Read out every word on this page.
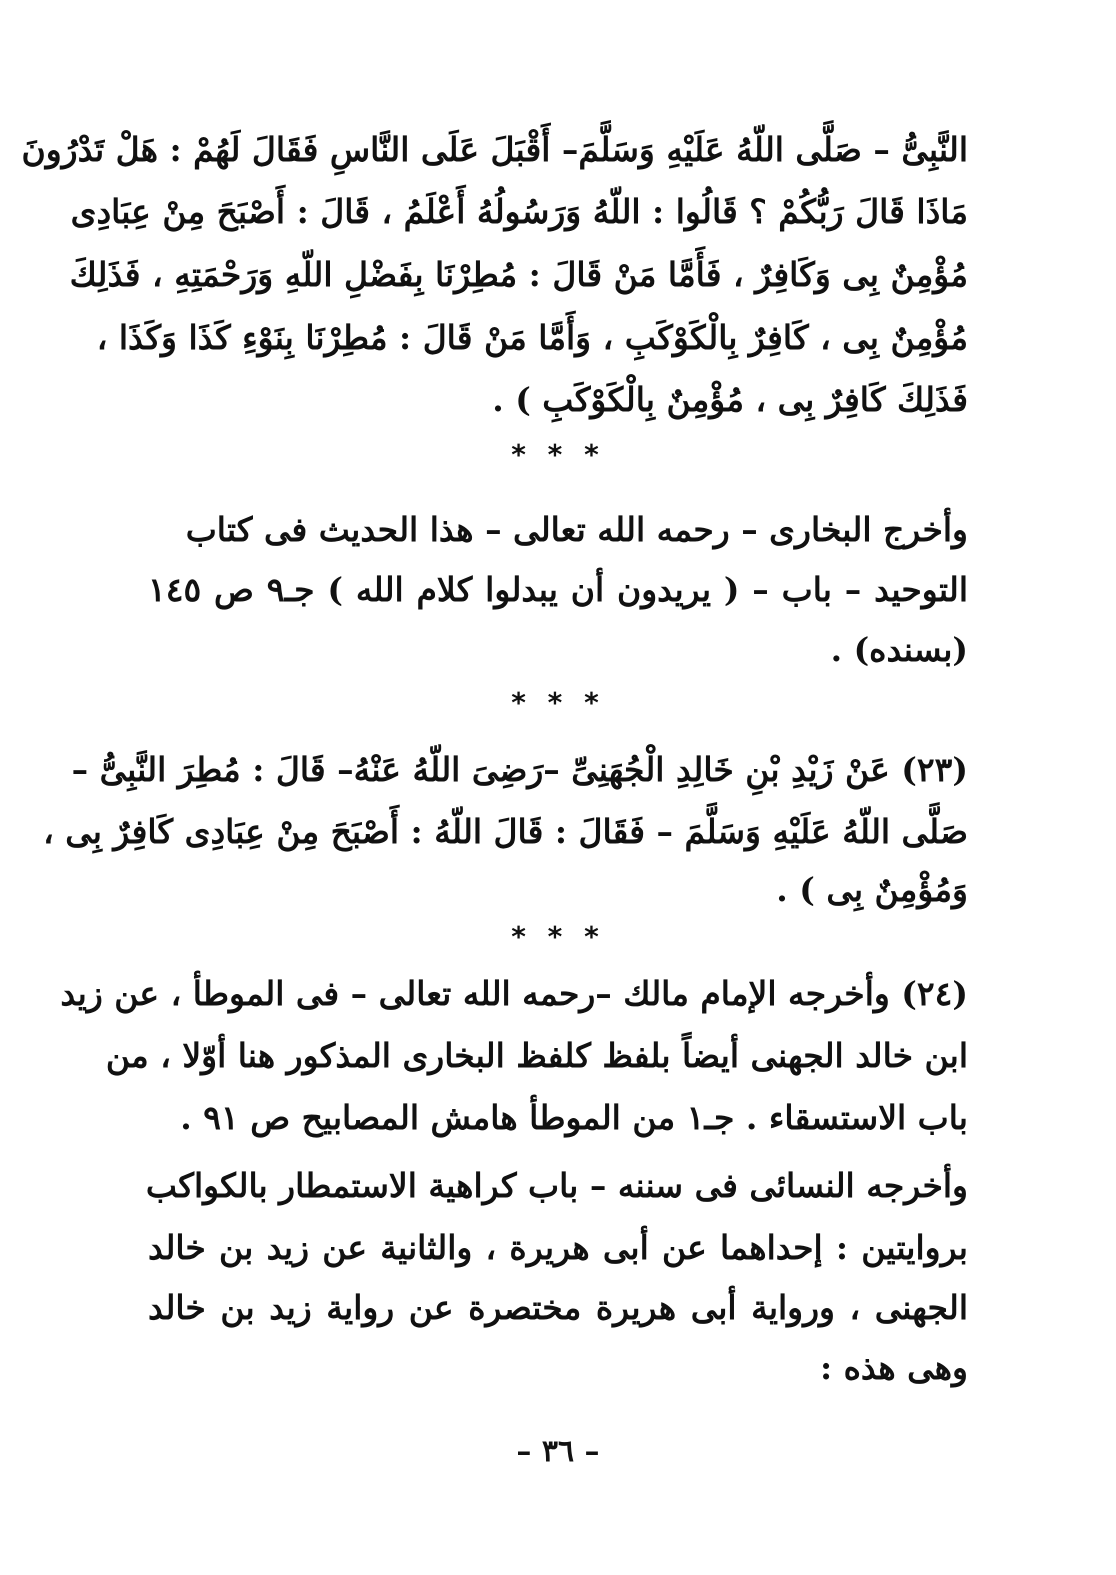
النَّبِىُّ – صَلَّى اللّهُ عَلَيْهِ وَسَلَّمَ– أَقْبَلَ عَلَى النَّاسِ فَقَالَ لَهُمْ : هَلْ تَدْرُونَ
مَاذَا قَالَ رَبُّكُمْ ؟ قَالُوا : اللّهُ وَرَسُولُهُ أَعْلَمُ ، قَالَ : أَصْبَحَ مِنْ عِبَادِى
مُؤْمِنٌ بِى وَكَافِرٌ ، فَأَمَّا مَنْ قَالَ : مُطِرْنَا بِفَضْلِ اللّهِ وَرَحْمَتِهِ ، فَذَلِكَ
مُؤْمِنٌ بِى ، كَافِرٌ بِالْكَوْكَبِ ، وَأَمَّا مَنْ قَالَ : مُطِرْنَا بِنَوْءِ كَذَا وَكَذَا ،
فَذَلِكَ كَافِرٌ بِى ، مُؤْمِنٌ بِالْكَوْكَبِ ) .
* * *
وأخرج البخارى – رحمه الله تعالى – هذا الحديث فى كتاب
التوحيد – باب – ( يريدون أن يبدلوا كلام الله ) جـ٩ ص ١٤٥
(بسنده) .
* * *
(٢٣) عَنْ زَيْدِ بْنِ خَالِدِ الْجُهَنِىِّ –رَضِىَ اللّهُ عَنْهُ– قَالَ : مُطِرَ النَّبِىُّ –
صَلَّى اللّهُ عَلَيْهِ وَسَلَّمَ – فَقَالَ : قَالَ اللّهُ : أَصْبَحَ مِنْ عِبَادِى كَافِرٌ بِى ،
وَمُؤْمِنٌ بِى ) .
* * *
(٢٤) وأخرجه الإمام مالك –رحمه الله تعالى – فى الموطأ ، عن زيد
ابن خالد الجهنى أيضاً بلفظ كلفظ البخارى المذكور هنا أوّلا ، من
باب الاستسقاء . جـ١ من الموطأ هامش المصابيح ص ٩١ .
وأخرجه النسائى فى سننه – باب كراهية الاستمطار بالكواكب
بروايتين : إحداهما عن أبى هريرة ، والثانية عن زيد بن خالد
الجهنى ، ورواية أبى هريرة مختصرة عن رواية زيد بن خالد
وهى هذه :
– ٣٦ –
